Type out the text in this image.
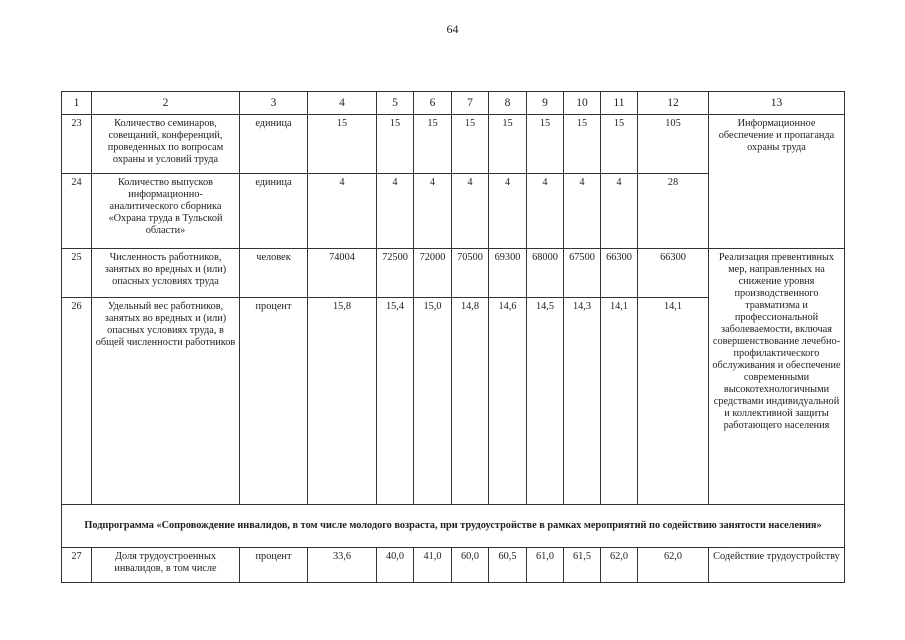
64
1	2	3	4	5	6	7	8	9	10	11	12	13
23	Количество семинаров, совещаний, конференций, проведенных по вопросам охраны и условий труда	единица	15	15	15	15	15	15	15	15	105	Информационное обеспечение и пропаганда охраны труда
24	Количество выпусков информационно-аналитического сборника «Охрана труда в Тульской области»	единица	4	4	4	4	4	4	4	4	28	
25	Численность работников, занятых во вредных и (или) опасных условиях труда	человек	74004	72500	72000	70500	69300	68000	67500	66300	66300	Реализация превентивных мер, направленных на снижение уровня производственного травматизма и профессиональной заболеваемости, включая совершенствование лечебно-профилактического обслуживания и обеспечение современными высокотехнологичными средствами индивидуальной и коллективной защиты работающего населения
26	Удельный вес работников, занятых во вредных и (или) опасных условиях труда, в общей численности работников	процент	15,8	15,4	15,0	14,8	14,6	14,5	14,3	14,1	14,1	
Подпрограмма «Сопровождение инвалидов, в том числе молодого возраста, при трудоустройстве в рамках мероприятий по содействию занятости населения»												
27	Доля трудоустроенных инвалидов, в том числе	процент	33,6	40,0	41,0	60,0	60,5	61,0	61,5	62,0	62,0	Содействие трудоустройству
